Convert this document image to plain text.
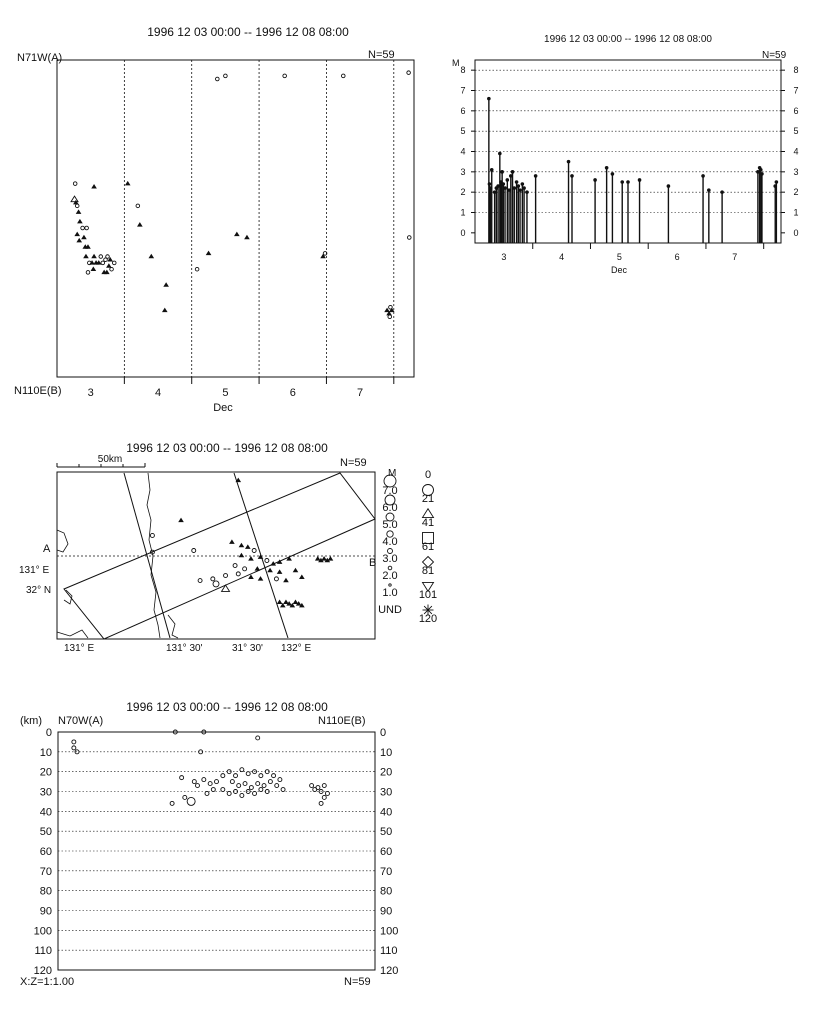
1996 12 03 00:00 -- 1996 12 08 08:00
N71W(A)	N=59
N110E(B) 3	4	5	6	7
Dec
1996 12 03 00:00 -- 1996 12 08 08:00
N=59
M
0	0
1	1
2	2
3	3
4	4
5	5
6	6
7	7
8	8
3	4	5	6	7
Dec
1996 12 03 00:00 -- 1996 12 08 08:00
N=59
50km
A
B
131° E
32° N
131° E	131° 30'	31° 30' 132° E
M
7.0
6.0
5.0
4.0
3.0
2.0
1.0
UND
0
21
41
61
81
101
120
1996 12 03 00:00 -- 1996 12 08 08:00
(km) N70W(A)	N110E(B)
0	0
10	10
20	20
30	30
40	40
50	50
60	60
70	70
80	80
90	90
100	100
110	110
120	120
X:Z=1:1.00	N=59
